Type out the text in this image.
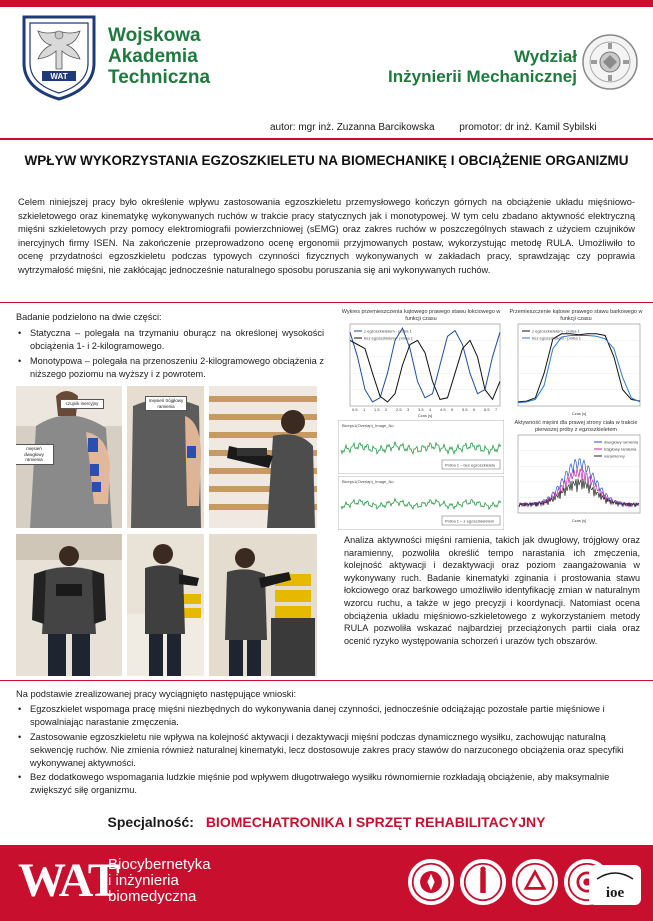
WAT
Wojskowa
Akademia
Techniczna
Wydział
Inżynierii Mechanicznej
autor: mgr inż. Zuzanna Barcikowska promotor: dr inż. Kamil Sybilski
WPŁYW WYKORZYSTANIA EGZOSZKIELETU NA BIOMECHANIKĘ I OBCIĄŻENIE ORGANIZMU
Celem niniejszej pracy było określenie wpływu zastosowania egzoszkieletu przemysłowego kończyn górnych na obciążenie układu mięśniowo-szkieletowego oraz kinematykę wykonywanych ruchów w trakcie pracy statycznych jak i monotypowej. W tym celu zbadano aktywność elektryczną mięśni szkieletowych przy pomocy elektromiografii powierzchniowej (sEMG) oraz zakres ruchów w poszczególnych stawach z użyciem czujników inercyjnych firmy ISEN. Na zakończenie przeprowadzono ocenę ergonomii przyjmowanych postaw, wykorzystując metodę RULA. Umożliwiło to ocenę przydatności egzoszkieletu podczas typowych czynności fizycznych wykonywanych w zakładach pracy, sprawdzając czy poprawia wytrzymałość mięśni, nie zakłócając jednocześnie naturalnego sposobu poruszania się ani wykonywanych ruchów.
Badanie podzielono na dwie części:
• Statyczna – polegała na trzymaniu oburącz na określonej wysokości obciążenia 1- i 2-kilogramowego.
• Monotypowa – polegała na przenoszeniu 2-kilogramowego obciążenia z niższego poziomu na wyższy i z powrotem.
czujnik inercyjny
mięsień dwugłowy ramienia
mięsień trójgłowy ramienia
Wykres przemieszczenia kątowego prawego stawu łokciowego w funkcji czasu
z egzoszkieletem - próba 1
bez egzoszkieletu - próba 1
0.5 1 1.5 2 2.5 3 3.5 4 4.5 5 5.5 6 6.5 7
Czas [s]
Przemieszczenie kątowe prawego stawu barkowego w funkcji czasu
z egzoszkieletem - próba 1
bez egzoszkieletu - próba 1
Czas [s]
Biceps1(Overlap)_Image_No
Próba 1 – bez egzoszkieletu
Biceps1(Overlap)_Image_No
Próba 1 – z egzoszkieletem
Aktywność mięśni dla prawej strony ciała w trakcie pierwszej próby z egzoszkieletem
dwugłowy ramienia
trójgłowy ramienia
naramienny
Czas [s]
Analiza aktywności mięśni ramienia, takich jak dwugłowy, trójgłowy oraz naramienny, pozwoliła określić tempo narastania ich zmęczenia, kolejność aktywacji i dezaktywacji oraz poziom zaangażowania w wykonywany ruch. Badanie kinematyki zginania i prostowania stawu łokciowego oraz barkowego umożliwiło identyfikację zmian w naturalnym wzorcu ruchu, a także w jego precyzji i koordynacji. Natomiast ocena obciążenia układu mięśniowo-szkieletowego z wykorzystaniem metody RULA pozwoliła wskazać najbardziej przeciążonych partii ciała oraz ocenić ryzyko występowania schorzeń i urazów tych obszarów.
Na podstawie zrealizowanej pracy wyciągnięto następujące wnioski:
• Egzoszkielet wspomaga pracę mięśni niezbędnych do wykonywania danej czynności, jednocześnie odciążając pozostałe partie mięśniowe i spowalniając narastanie zmęczenia.
• Zastosowanie egzoszkieletu nie wpływa na kolejność aktywacji i dezaktywacji mięśni podczas dynamicznego wysiłku, zachowując naturalną sekwencję ruchów. Nie zmienia również naturalnej kinematyki, lecz dostosowuje zakres pracy stawów do narzuconego obciążenia oraz specyfiki wykonywanej aktywności.
• Bez dodatkowego wspomagania ludzkie mięśnie pod wpływem długotrwałego wysiłku równomiernie rozkładają obciążenie, aby maksymalnie zwiększyć siłę organizmu.
Specjalność: BIOMECHATRONIKA I SPRZĘT REHABILITACYJNY
WAT
Biocybernetyka
i inżynieria
biomedyczna	ioe
